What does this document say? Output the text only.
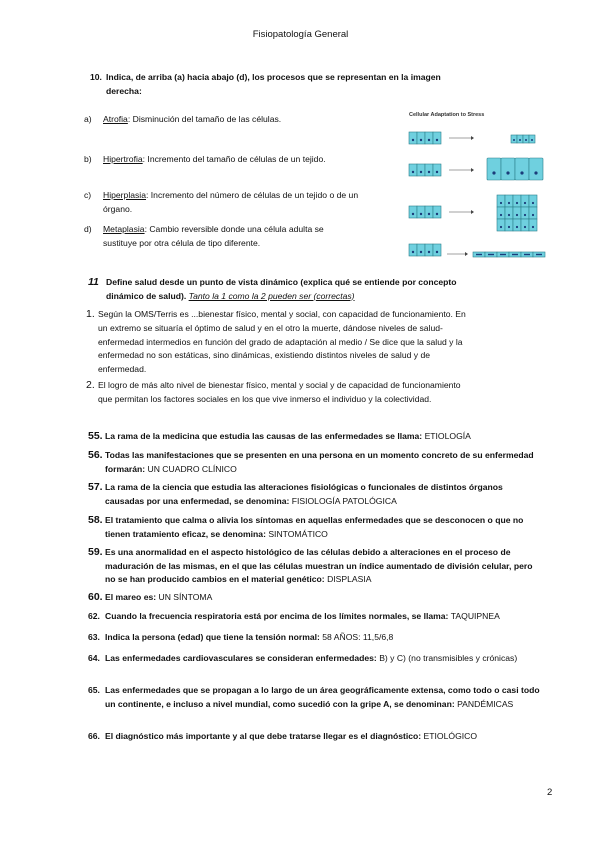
Fisiopatología General
10. Indica, de arriba (a) hacia abajo (d), los procesos que se representan en la imagen derecha:
a)	Atrofia: Disminución del tamaño de las células.
b)	Hipertrofia: Incremento del tamaño de células de un tejido.
c)	Hiperplasia: Incremento del número de células de un tejido o de un órgano.
d)	Metaplasia: Cambio reversible donde una célula adulta se sustituye por otra célula de tipo diferente.
Cellular Adaptation to Stress
11 Define salud desde un punto de vista dinámico (explica qué se entiende por concepto dinámico de salud). Tanto la 1 como la 2 pueden ser (correctas)
1. Según la OMS/Terris es ...bienestar físico, mental y social, con capacidad de funcionamiento. En un extremo se situaría el óptimo de salud y en el otro la muerte, dándose niveles de salud-enfermedad intermedios en función del grado de adaptación al medio / Se dice que la salud y la enfermedad no son estáticas, sino dinámicas, existiendo distintos niveles de salud y de enfermedad.
2. El logro de más alto nivel de bienestar físico, mental y social y de capacidad de funcionamiento que permitan los factores sociales en los que vive inmerso el individuo y la colectividad.
55. La rama de la medicina que estudia las causas de las enfermedades se llama: ETIOLOGÍA
56. Todas las manifestaciones que se presenten en una persona en un momento concreto de su enfermedad formarán: UN CUADRO CLÍNICO
57. La rama de la ciencia que estudia las alteraciones fisiológicas o funcionales de distintos órganos causadas por una enfermedad, se denomina: FISIOLOGÍA PATOLÓGICA
58. El tratamiento que calma o alivia los síntomas en aquellas enfermedades que se desconocen o que no tienen tratamiento eficaz, se denomina: SINTOMÁTICO
59. Es una anormalidad en el aspecto histológico de las células debido a alteraciones en el proceso de maduración de las mismas, en el que las células muestran un índice aumentado de división celular, pero no se han producido cambios en el material genético: DISPLASIA
60. El mareo es: UN SÍNTOMA
62. Cuando la frecuencia respiratoria está por encima de los límites normales, se llama: TAQUIPNEA
63. Indica la persona (edad) que tiene la tensión normal: 58 AÑOS: 11,5/6,8
64. Las enfermedades cardiovasculares se consideran enfermedades: B) y C) (no transmisibles y crónicas)
65. Las enfermedades que se propagan a lo largo de un área geográficamente extensa, como todo o casi todo un continente, e incluso a nivel mundial, como sucedió con la gripe A, se denominan: PANDÉMICAS
66. El diagnóstico más importante y al que debe tratarse llegar es el diagnóstico: ETIOLÓGICO
2
